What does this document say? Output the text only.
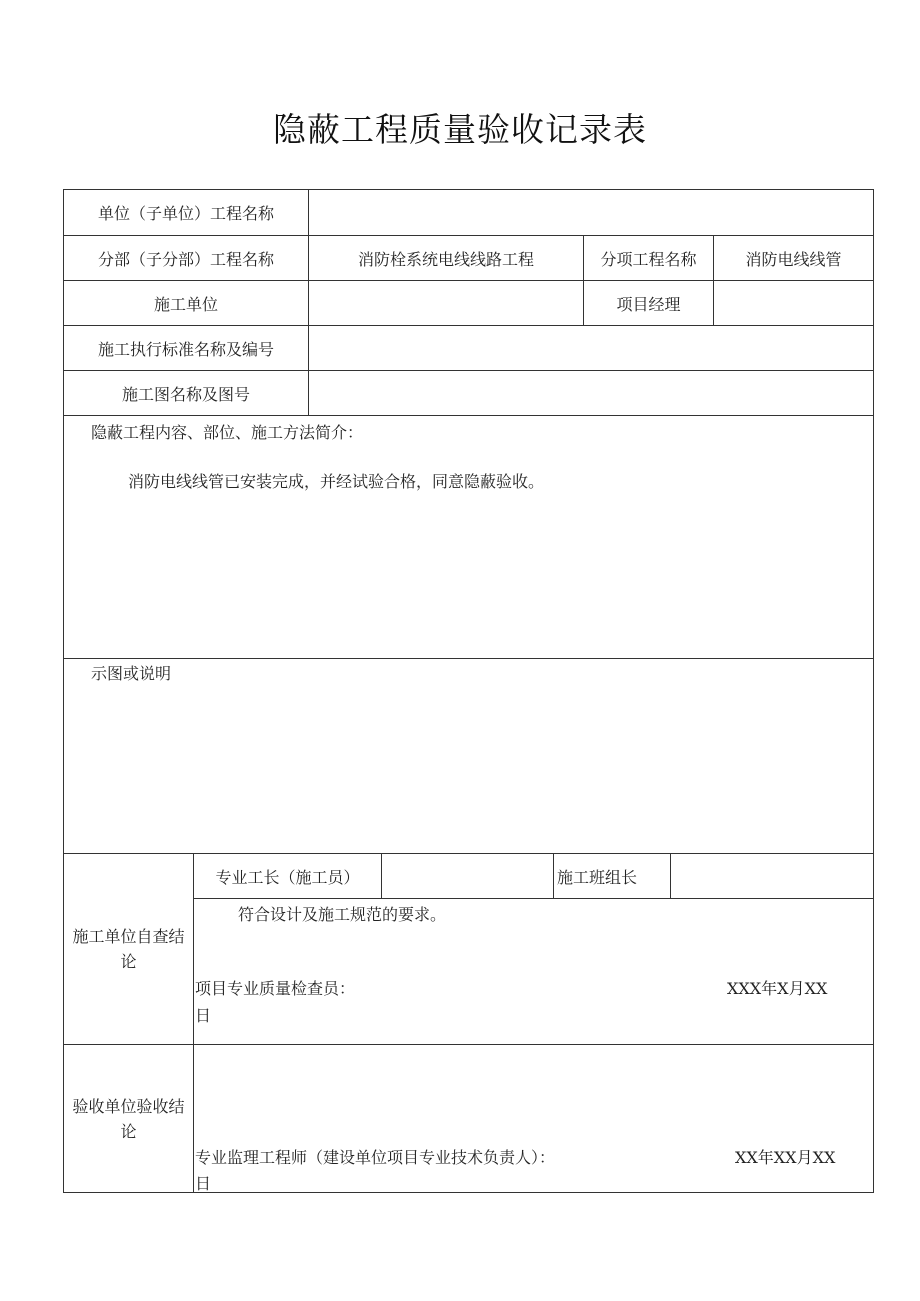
隐蔽工程质量验收记录表
单位（子单位）工程名称
分部（子分部）工程名称	消防栓系统电线线路工程	分项工程名称	消防电线线管
施工单位	项目经理
施工执行标准名称及编号
施工图名称及图号
隐蔽工程内容、部位、施工方法简介：
消防电线线管已安装完成，并经试验合格，同意隐蔽验收。
示图或说明
施工单位自查结论
专业工长（施工员）	施工班组长
符合设计及施工规范的要求。
项目专业质量检查员：	XXX年X月XX
日
验收单位验收结论
专业监理工程师（建设单位项目专业技术负责人）：	XX年XX月XX
日
